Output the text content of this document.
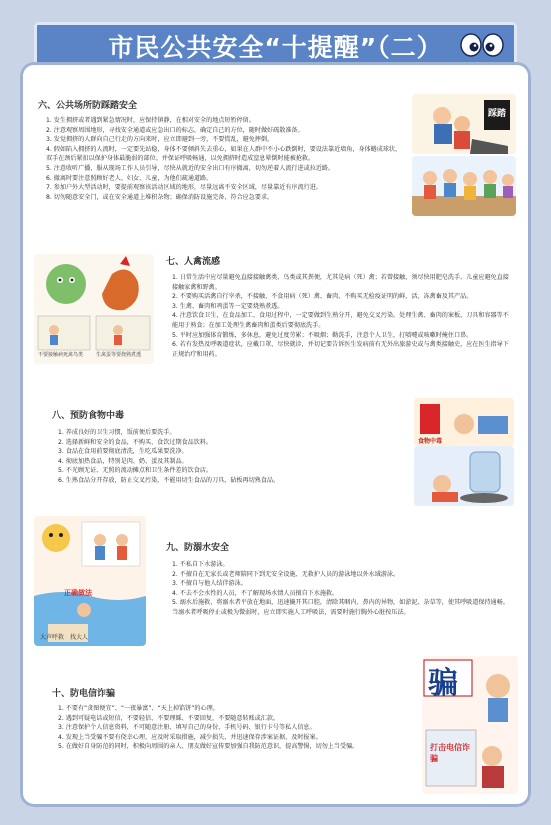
市民公共安全“十提醒”（二）
六、公共场所防踩踏安全
1. 发生拥挤或者遇到紧急情况时，应保持镇静，在相对安全的地点短暂停留。
2. 注意观察周围地形，寻找安全通道或应急出口的标志，确定自己的方位，随时做好疏散准备。
3. 发觉拥挤的人群向自己行走的方向来时，应立即避到一旁，不要慌乱，避免摔倒。
4. 假如陷入拥挤的人流时，一定要先站稳，身体不要倾斜失去重心，如果在人群中不小心跌倒时，要设法靠近墙角，身体蜷成球状，双手在颈后紧扣以保护身体最脆弱的部位。并保证呼吸畅通，以免拥挤时造成窒息晕倒时能被抢救。
5. 注意收听广播，服从现场工作人员引导，尽快从就近的安全出口有序撤离，切勿逆着人流行进或拉近路。
6. 撤离时要注意照顾好老人、妇女、儿童，为他们疏通道路。
7. 参加户外大型活动时，要提前观察该活动区域的地形，尽量远离不安全区域，尽量靠近有序流行进。
8. 切勿随意安全门，或在安全通道上堆积杂物；确保消防设施完备、符合应急要求。
踩踏
不要接触病死禽鸟类	生禽蛋等要烧熟煮透
七、人禽流感
1. 日常生活中应尽量避免直接接触禽类、鸟类或其粪便，尤其是病（死）禽；若曾接触，须尽快用肥皂洗手。儿童应避免直接接触家禽和野禽。
2. 不要购买活禽自行宰杀，不接触、不食用病（死）禽、畜肉，不购买无检疫证明的鲜、活、冻禽畜及其产品。
3. 生禽、畜肉和鸡蛋等一定要烧熟煮透。
4. 注意饮食卫生，在食品加工、食用过程中，一定要做到生熟分开，避免交叉污染。处理生禽、畜肉的案板、刀具和容器等不能用于熟食；在加工处理生禽畜肉和蛋类后要彻底洗手。
5. 平时应加强体育锻炼，多休息，避免过度劳累；不吸烟；勤洗手，注意个人卫生，打喷嚏或咳嗽时掩住口鼻。
6. 若有发热及呼吸道症状，应戴口罩，尽快就诊，并切记要告诉医生发病前有无外出旅游史或与禽类接触史，应在医生指导下正规治疗和用药。
八、预防食物中毒
1. 养成良好的卫生习惯，饭前便后要洗手。
2. 选择新鲜和安全的食品，不购买、食饮过期食品饮料。
3. 食品在食用前要彻底清洗，生吃瓜果要洗净。
4. 彻底加热食品，特别是肉、奶、蛋及其制品。
5. 不光顾无证、无照的流动摊点和卫生条件差的饮食店。
6. 生熟食品分开存放，防止交叉污染，不能用切生食品的刀具、砧板再切熟食品。
食物中毒
正确做法
大声呼救　找大人
九、防溺水安全
1. 不私自下水游泳。
2. 不擅自在无家长或老师陪同下到无安全设施、无救护人员的游泳地以外水域游泳。
3. 不擅自与他人结伴游泳。
4. 不去不会水性的人员，不了解现场水情人员擅自下水施救。
5. 溺水后施救，将溺水者平放在地面，迅速撬开其口腔，清除其咽内、鼻内的异物，如淤泥、杂草等，使其呼吸道保持通畅。当溺水者呼吸停止或极为微弱时，应立即实施人工呼吸法，需要时施行胸外心脏按压法。
十、防电信诈骗
1. 不要有“贪图便宜”、“一夜暴富”、“天上掉馅饼”的心理。
2. 遇到可疑电话或短信，不要轻信、不要理睬、不要回复，不要随意转账或汇款。
3. 注意保护个人信息资料，不可随意注册、填写自己的身份、手机号码、银行卡号等私人信息。
4. 发现上当受骗不要有侥幸心理，应及时采取措施，减少损失，并迅速保存涉案证据，及时报案。
5. 在做好自身防范的同时，积极向周围的亲人、朋友做好宣传要加强自我防范意识，提高警惕，切勿上当受骗。
骗
打击电信诈骗
